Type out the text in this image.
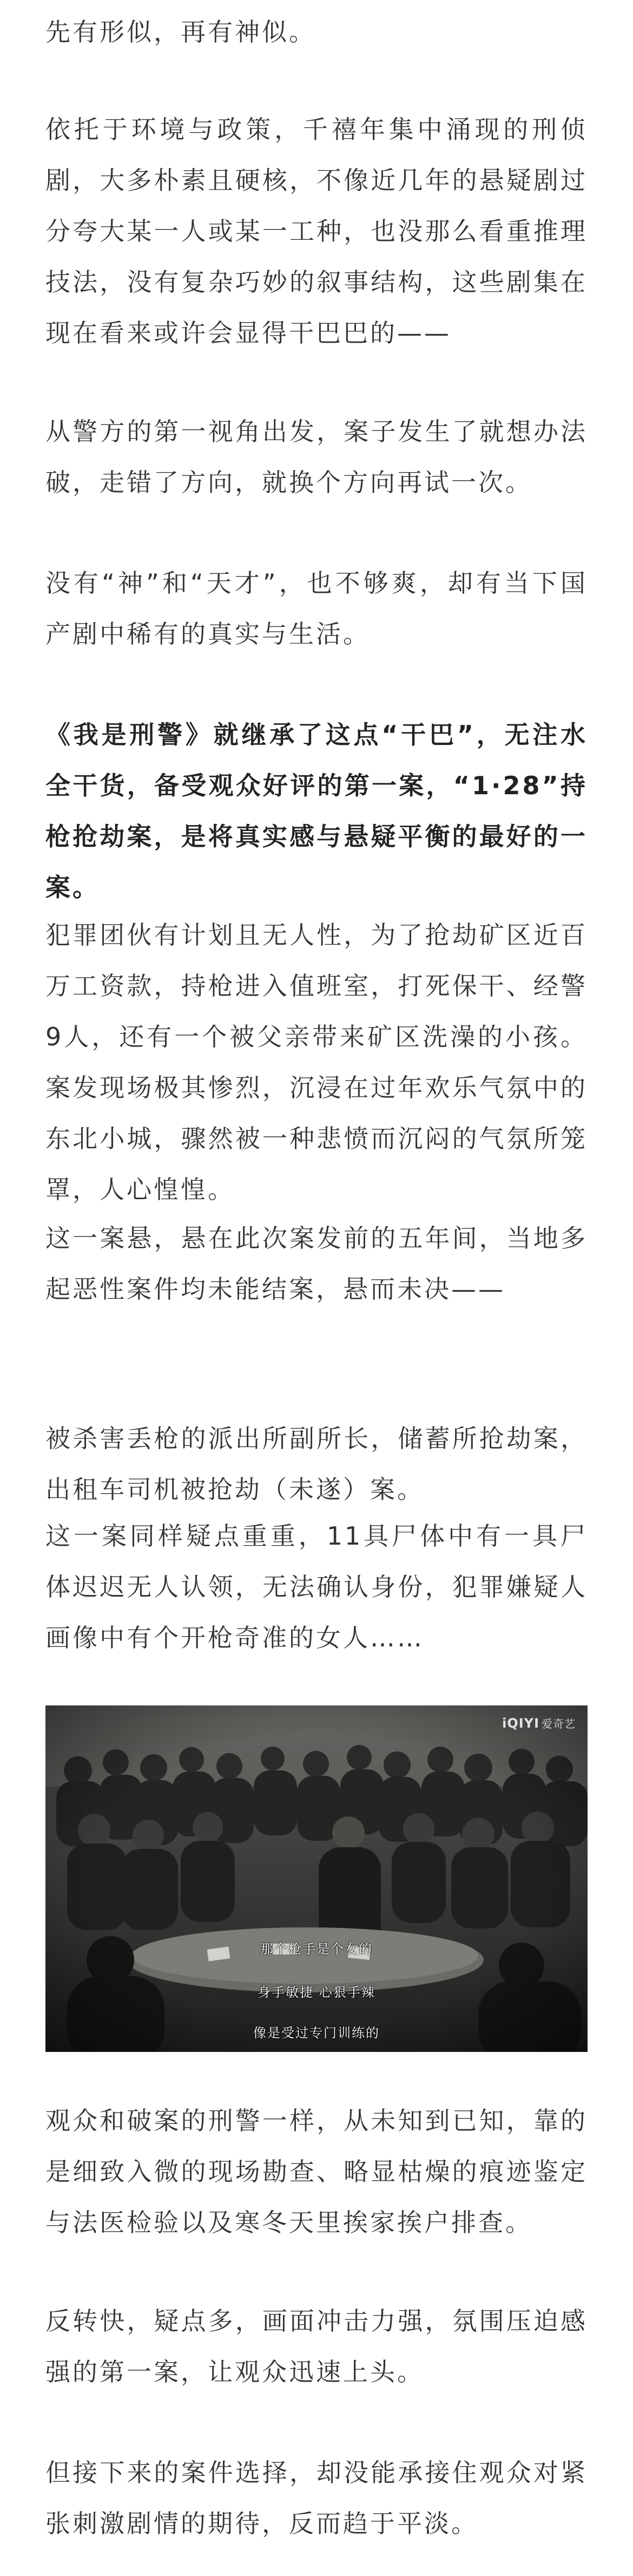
先有形似，再有神似。

依托于环境与政策，千禧年集中涌现的刑侦剧，大多朴素且硬核，不像近几年的悬疑剧过分夸大某一人或某一工种，也没那么看重推理技法，没有复杂巧妙的叙事结构，这些剧集在现在看来或许会显得干巴巴的——

从警方的第一视角出发，案子发生了就想办法破，走错了方向，就换个方向再试一次。

没有“神”和“天才”，也不够爽，却有当下国产剧中稀有的真实与生活。

《我是刑警》就继承了这点“干巴”，无注水全干货，备受观众好评的第一案，“1·28”持枪抢劫案，是将真实感与悬疑平衡的最好的一案。

犯罪团伙有计划且无人性，为了抢劫矿区近百万工资款，持枪进入值班室，打死保干、经警9人，还有一个被父亲带来矿区洗澡的小孩。案发现场极其惨烈，沉浸在过年欢乐气氛中的东北小城，骤然被一种悲愤而沉闷的气氛所笼罩，人心惶惶。

这一案悬，悬在此次案发前的五年间，当地多起恶性案件均未能结案，悬而未决——

被杀害丢枪的派出所副所长，储蓄所抢劫案，出租车司机被抢劫（未遂）案。

这一案同样疑点重重，11具尸体中有一具尸体迟迟无人认领，无法确认身份，犯罪嫌疑人画像中有个开枪奇准的女人……

观众和破案的刑警一样，从未知到已知，靠的是细致入微的现场勘查、略显枯燥的痕迹鉴定与法医检验以及寒冬天里挨家挨户排查。

反转快，疑点多，画面冲击力强，氛围压迫感强的第一案，让观众迅速上头。

但接下来的案件选择，却没能承接住观众对紧张刺激剧情的期待，反而趋于平淡。

iQIYI 爱奇艺
那个枪手是个女的
身手敏捷 心狠手辣
像是受过专门训练的
